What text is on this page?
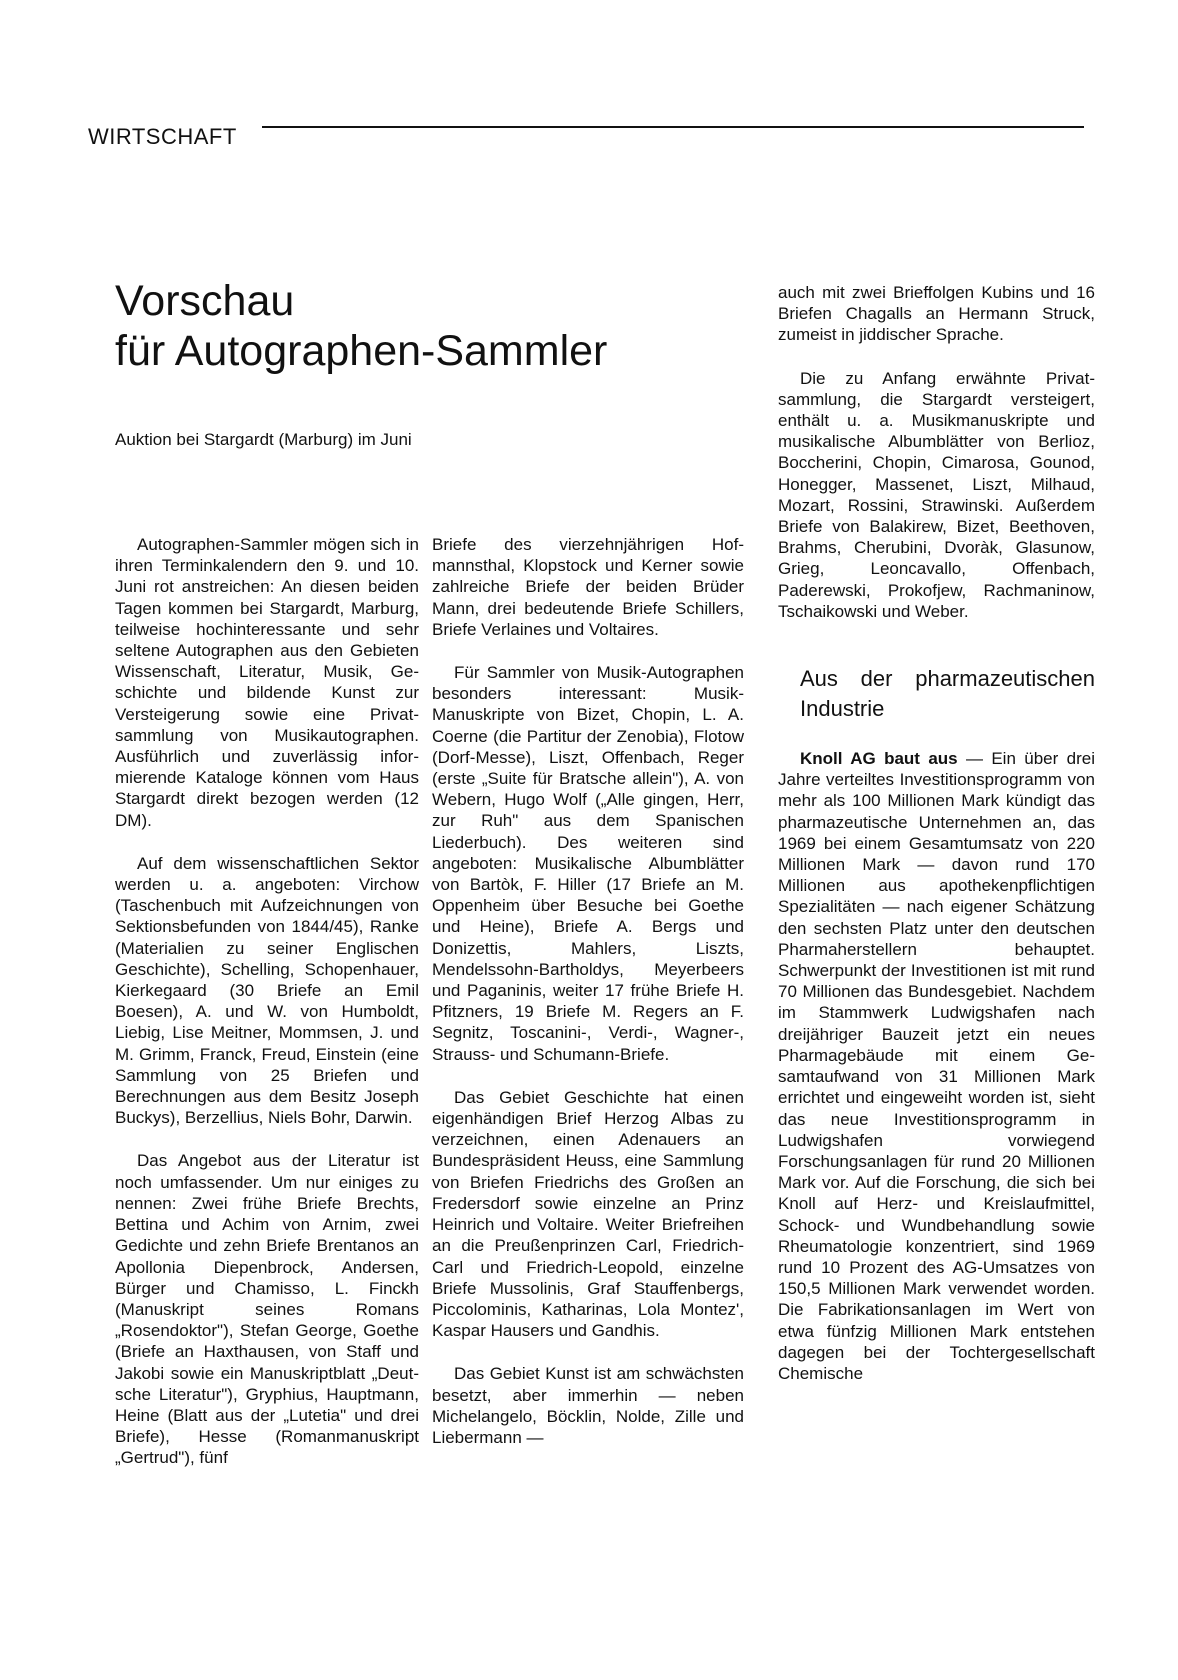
WIRTSCHAFT
Vorschau
für Autographen-Sammler
Auktion bei Stargardt (Marburg) im Juni

Autographen-Sammler mögen sich in ihren Terminkalendern den 9. und 10. Juni rot anstreichen: An diesen beiden Tagen kommen bei Stargardt, Marburg, teilweise hochinteressante und sehr seltene Autographen aus den Gebieten Wissenschaft, Literatur, Musik, Geschichte und bildende Kunst zur Versteigerung sowie eine Privatsammlung von Musikautographen. Ausführlich und zuverlässig informierende Kataloge können vom Haus Stargardt direkt bezogen werden (12 DM).

Auf dem wissenschaftlichen Sektor werden u. a. angeboten: Virchow (Taschenbuch mit Aufzeichnungen von Sektionsbefunden von 1844/45), Ranke (Materialien zu seiner Englischen Geschichte), Schelling, Schopenhauer, Kierkegaard (30 Briefe an Emil Boesen), A. und W. von Humboldt, Liebig, Lise Meitner, Mommsen, J. und M. Grimm, Franck, Freud, Einstein (eine Sammlung von 25 Briefen und Berechnungen aus dem Besitz Joseph Buckys), Berzellius, Niels Bohr, Darwin.

Das Angebot aus der Literatur ist noch umfassender. Um nur einiges zu nennen: Zwei frühe Briefe Brechts, Bettina und Achim von Arnim, zwei Gedichte und zehn Briefe Brentanos an Apollonia Diepenbrock, Andersen, Bürger und Chamisso, L. Finckh (Manuskript seines Romans „Rosendoktor"), Stefan George, Goethe (Briefe an Haxthausen, von Staff und Jakobi sowie ein Manuskriptblatt „Deutsche Literatur"), Gryphius, Hauptmann, Heine (Blatt aus der „Lutetia" und drei Briefe), Hesse (Romanmanuskript „Gertrud"), fünf

Briefe des vierzehnjährigen Hofmannsthal, Klopstock und Kerner sowie zahlreiche Briefe der beiden Brüder Mann, drei bedeutende Briefe Schillers, Briefe Verlaines und Voltaires.

Für Sammler von Musik-Autographen besonders interessant: Musik-Manuskripte von Bizet, Chopin, L. A. Coerne (die Partitur der Zenobia), Flotow (Dorf-Messe), Liszt, Offenbach, Reger (erste „Suite für Bratsche allein"), A. von Webern, Hugo Wolf („Alle gingen, Herr, zur Ruh" aus dem Spanischen Liederbuch). Des weiteren sind angeboten: Musikalische Albumblätter von Bartòk, F. Hiller (17 Briefe an M. Oppenheim über Besuche bei Goethe und Heine), Briefe A. Bergs und Donizettis, Mahlers, Liszts, Mendelssohn-Bartholdys, Meyerbeers und Paganinis, weiter 17 frühe Briefe H. Pfitzners, 19 Briefe M. Regers an F. Segnitz, Toscanini-, Verdi-, Wagner-, Strauss- und Schumann-Briefe.

Das Gebiet Geschichte hat einen eigenhändigen Brief Herzog Albas zu verzeichnen, einen Adenauers an Bundespräsident Heuss, eine Sammlung von Briefen Friedrichs des Großen an Fredersdorf sowie einzelne an Prinz Heinrich und Voltaire. Weiter Briefreihen an die Preußenprinzen Carl, Friedrich-Carl und Friedrich-Leopold, einzelne Briefe Mussolinis, Graf Stauffenbergs, Piccolominis, Katharinas, Lola Montez', Kaspar Hausers und Gandhis.

Das Gebiet Kunst ist am schwächsten besetzt, aber immerhin — neben Michelangelo, Böcklin, Nolde, Zille und Liebermann —

auch mit zwei Brieffolgen Kubins und 16 Briefen Chagalls an Hermann Struck, zumeist in jiddischer Sprache.

Die zu Anfang erwähnte Privatsammlung, die Stargardt versteigert, enthält u. a. Musikmanuskripte und musikalische Albumblätter von Berlioz, Boccherini, Chopin, Cimarosa, Gounod, Honegger, Massenet, Liszt, Milhaud, Mozart, Rossini, Strawinski. Außerdem Briefe von Balakirew, Bizet, Beethoven, Brahms, Cherubini, Dvoràk, Glasunow, Grieg, Leoncavallo, Offenbach, Paderewski, Prokofjew, Rachmaninow, Tschaikowski und Weber.

Aus der pharmazeutischen Industrie

Knoll AG baut aus — Ein über drei Jahre verteiltes Investitionsprogramm von mehr als 100 Millionen Mark kündigt das pharmazeutische Unternehmen an, das 1969 bei einem Gesamtumsatz von 220 Millionen Mark — davon rund 170 Millionen aus apothekenpflichtigen Spezialitäten — nach eigener Schätzung den sechsten Platz unter den deutschen Pharmaherstellern behauptet. Schwerpunkt der Investitionen ist mit rund 70 Millionen das Bundesgebiet. Nachdem im Stammwerk Ludwigshafen nach dreijähriger Bauzeit jetzt ein neues Pharmagebäude mit einem Gesamtaufwand von 31 Millionen Mark errichtet und eingeweiht worden ist, sieht das neue Investitionsprogramm in Ludwigshafen vorwiegend Forschungsanlagen für rund 20 Millionen Mark vor. Auf die Forschung, die sich bei Knoll auf Herz- und Kreislaufmittel, Schock- und Wundbehandlung sowie Rheumatologie konzentriert, sind 1969 rund 10 Prozent des AG-Umsatzes von 150,5 Millionen Mark verwendet worden. Die Fabrikationsanlagen im Wert von etwa fünfzig Millionen Mark entstehen dagegen bei der Tochtergesellschaft Chemische
